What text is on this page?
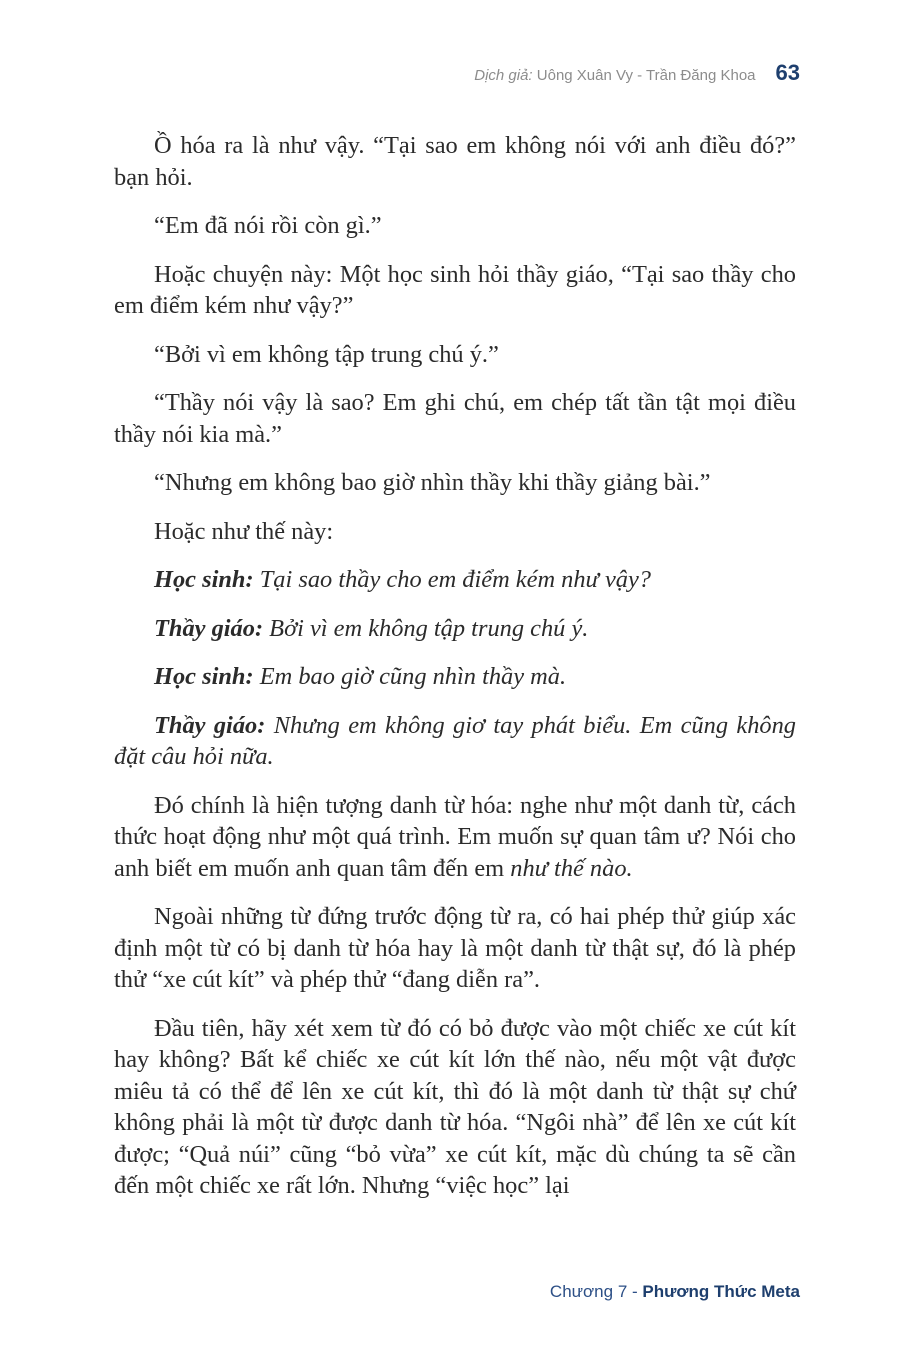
Dịch giả: Uông Xuân Vy - Trần Đăng Khoa 63

Ồ hóa ra là như vậy. “Tại sao em không nói với anh điều đó?” bạn hỏi.

“Em đã nói rồi còn gì.”

Hoặc chuyện này: Một học sinh hỏi thầy giáo, “Tại sao thầy cho em điểm kém như vậy?”

“Bởi vì em không tập trung chú ý.”

“Thầy nói vậy là sao? Em ghi chú, em chép tất tần tật mọi điều thầy nói kia mà.”

“Nhưng em không bao giờ nhìn thầy khi thầy giảng bài.”

Hoặc như thế này:

Học sinh: Tại sao thầy cho em điểm kém như vậy?

Thầy giáo: Bởi vì em không tập trung chú ý.

Học sinh: Em bao giờ cũng nhìn thầy mà.

Thầy giáo: Nhưng em không giơ tay phát biểu. Em cũng không đặt câu hỏi nữa.

Đó chính là hiện tượng danh từ hóa: nghe như một danh từ, cách thức hoạt động như một quá trình. Em muốn sự quan tâm ư? Nói cho anh biết em muốn anh quan tâm đến em như thế nào.

Ngoài những từ đứng trước động từ ra, có hai phép thử giúp xác định một từ có bị danh từ hóa hay là một danh từ thật sự, đó là phép thử “xe cút kít” và phép thử “đang diễn ra”.

Đầu tiên, hãy xét xem từ đó có bỏ được vào một chiếc xe cút kít hay không? Bất kể chiếc xe cút kít lớn thế nào, nếu một vật được miêu tả có thể để lên xe cút kít, thì đó là một danh từ thật sự chứ không phải là một từ được danh từ hóa. “Ngôi nhà” để lên xe cút kít được; “Quả núi” cũng “bỏ vừa” xe cút kít, mặc dù chúng ta sẽ cần đến một chiếc xe rất lớn. Nhưng “việc học” lại

Chương 7 - Phương Thức Meta
